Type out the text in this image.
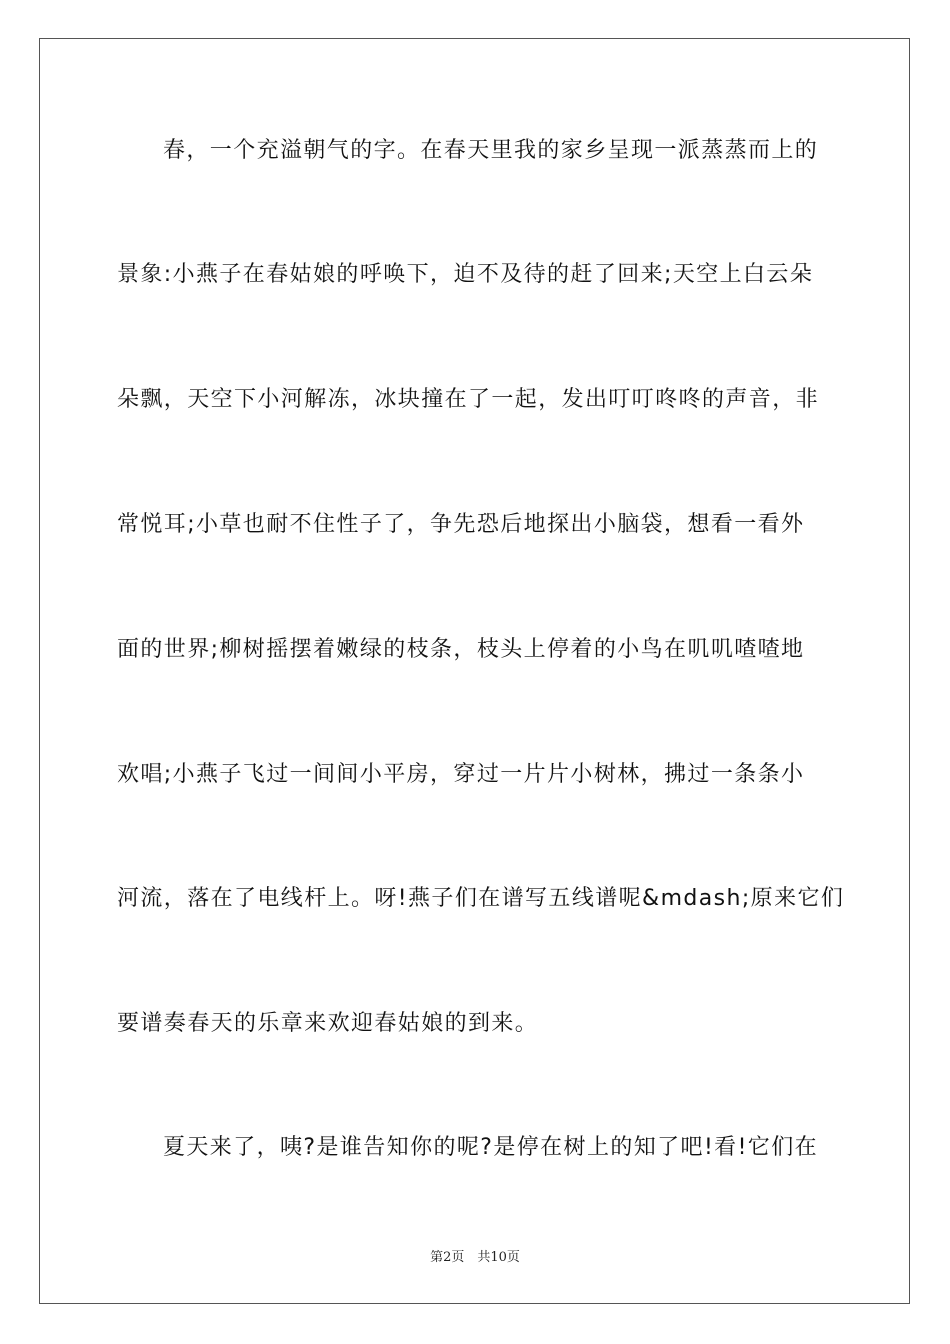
春，一个充溢朝气的字。在春天里我的家乡呈现一派蒸蒸而上的
景象:小燕子在春姑娘的呼唤下，迫不及待的赶了回来;天空上白云朵
朵飘，天空下小河解冻，冰块撞在了一起，发出叮叮咚咚的声音，非
常悦耳;小草也耐不住性子了，争先恐后地探出小脑袋，想看一看外
面的世界;柳树摇摆着嫩绿的枝条，枝头上停着的小鸟在叽叽喳喳地
欢唱;小燕子飞过一间间小平房，穿过一片片小树林，拂过一条条小
河流，落在了电线杆上。呀!燕子们在谱写五线谱呢&mdash;原来它们
要谱奏春天的乐章来欢迎春姑娘的到来。
夏天来了，咦?是谁告知你的呢?是停在树上的知了吧!看!它们在
第2页　共10页
